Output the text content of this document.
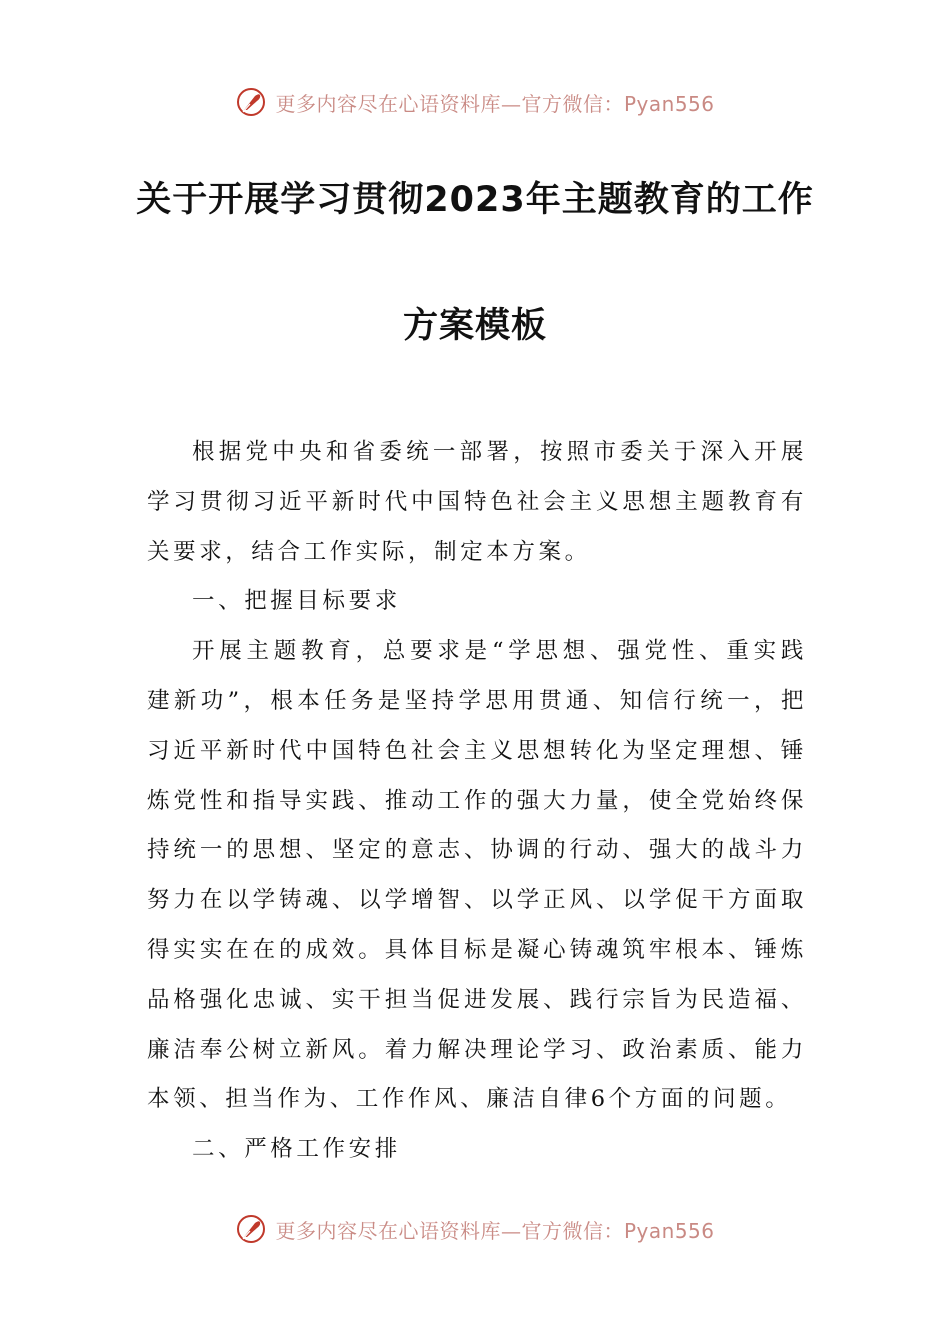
更多内容尽在心语资料库—官方微信：Pyan556
关于开展学习贯彻2023年主题教育的工作
方案模板

根据党中央和省委统一部署，按照市委关于深入开展学习贯彻习近平新时代中国特色社会主义思想主题教育有关要求，结合工作实际，制定本方案。

一、把握目标要求

开展主题教育，总要求是“学思想、强党性、重实践建新功”，根本任务是坚持学思用贯通、知信行统一，把习近平新时代中国特色社会主义思想转化为坚定理想、锤炼党性和指导实践、推动工作的强大力量，使全党始终保持统一的思想、坚定的意志、协调的行动、强大的战斗力努力在以学铸魂、以学增智、以学正风、以学促干方面取得实实在在的成效。具体目标是凝心铸魂筑牢根本、锤炼品格强化忠诚、实干担当促进发展、践行宗旨为民造福、廉洁奉公树立新风。着力解决理论学习、政治素质、能力本领、担当作为、工作作风、廉洁自律6个方面的问题。

二、严格工作安排

更多内容尽在心语资料库—官方微信：Pyan556
